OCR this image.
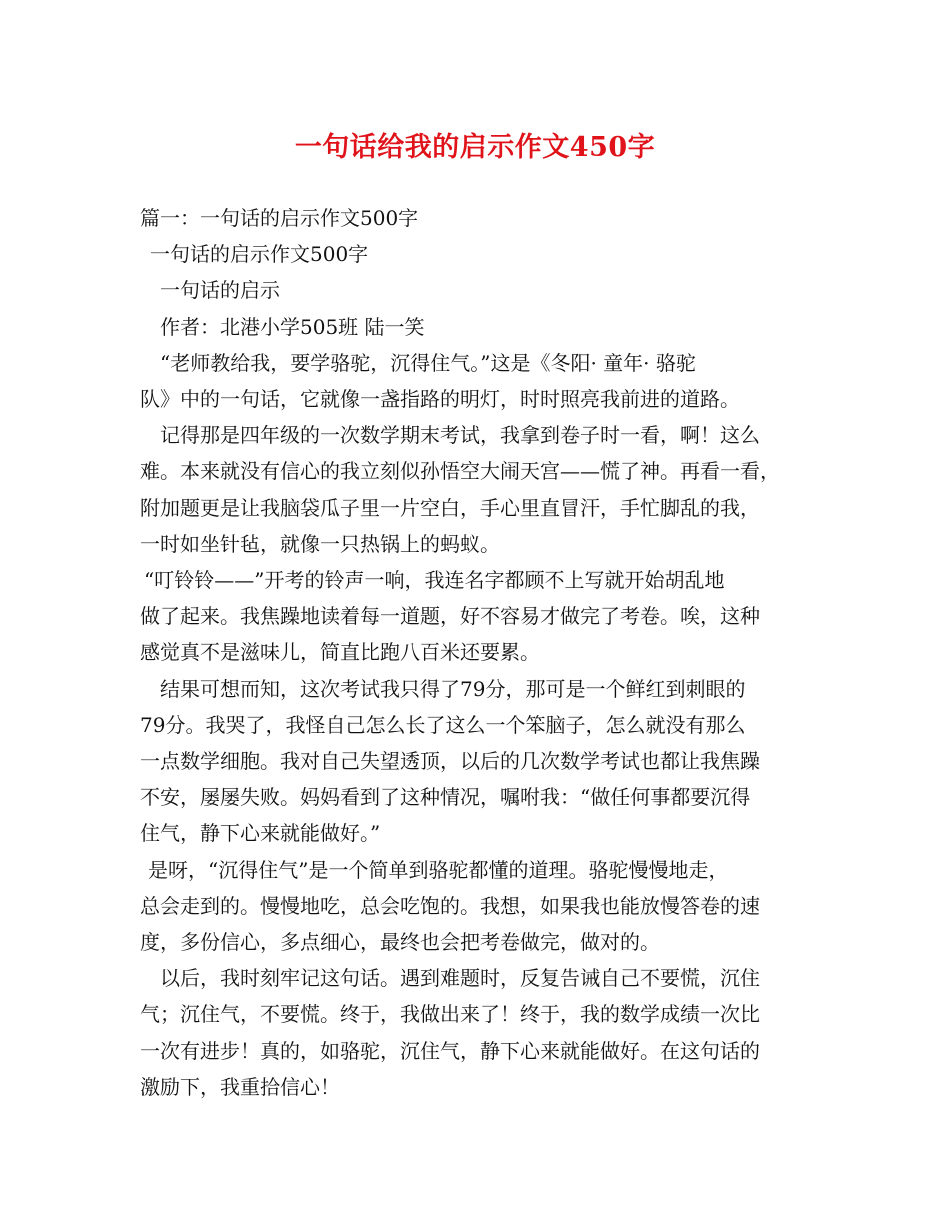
一句话给我的启示作文450字

篇一：一句话的启示作文500字

一句话的启示作文500字

一句话的启示

作者：北港小学505班 陆一笑

“老师教给我，要学骆驼，沉得住气。”这是《冬阳· 童年· 骆驼

队》中的一句话，它就像一盏指路的明灯，时时照亮我前进的道路。

记得那是四年级的一次数学期末考试，我拿到卷子时一看，啊！这么

难。本来就没有信心的我立刻似孙悟空大闹天宫——慌了神。再看一看，

附加题更是让我脑袋瓜子里一片空白，手心里直冒汗，手忙脚乱的我，

一时如坐针毡，就像一只热锅上的蚂蚁。

“叮铃铃——”开考的铃声一响，我连名字都顾不上写就开始胡乱地

做了起来。我焦躁地读着每一道题，好不容易才做完了考卷。唉，这种

感觉真不是滋味儿，简直比跑八百米还要累。

结果可想而知，这次考试我只得了79分，那可是一个鲜红到刺眼的

79分。我哭了，我怪自己怎么长了这么一个笨脑子，怎么就没有那么

一点数学细胞。我对自己失望透顶，以后的几次数学考试也都让我焦躁

不安，屡屡失败。妈妈看到了这种情况，嘱咐我：“做任何事都要沉得

住气，静下心来就能做好。”

是呀，“沉得住气”是一个简单到骆驼都懂的道理。骆驼慢慢地走，

总会走到的。慢慢地吃，总会吃饱的。我想，如果我也能放慢答卷的速

度，多份信心，多点细心，最终也会把考卷做完，做对的。

以后，我时刻牢记这句话。遇到难题时，反复告诫自己不要慌，沉住

气；沉住气，不要慌。终于，我做出来了！终于，我的数学成绩一次比

一次有进步！真的，如骆驼，沉住气，静下心来就能做好。在这句话的

激励下，我重拾信心！
